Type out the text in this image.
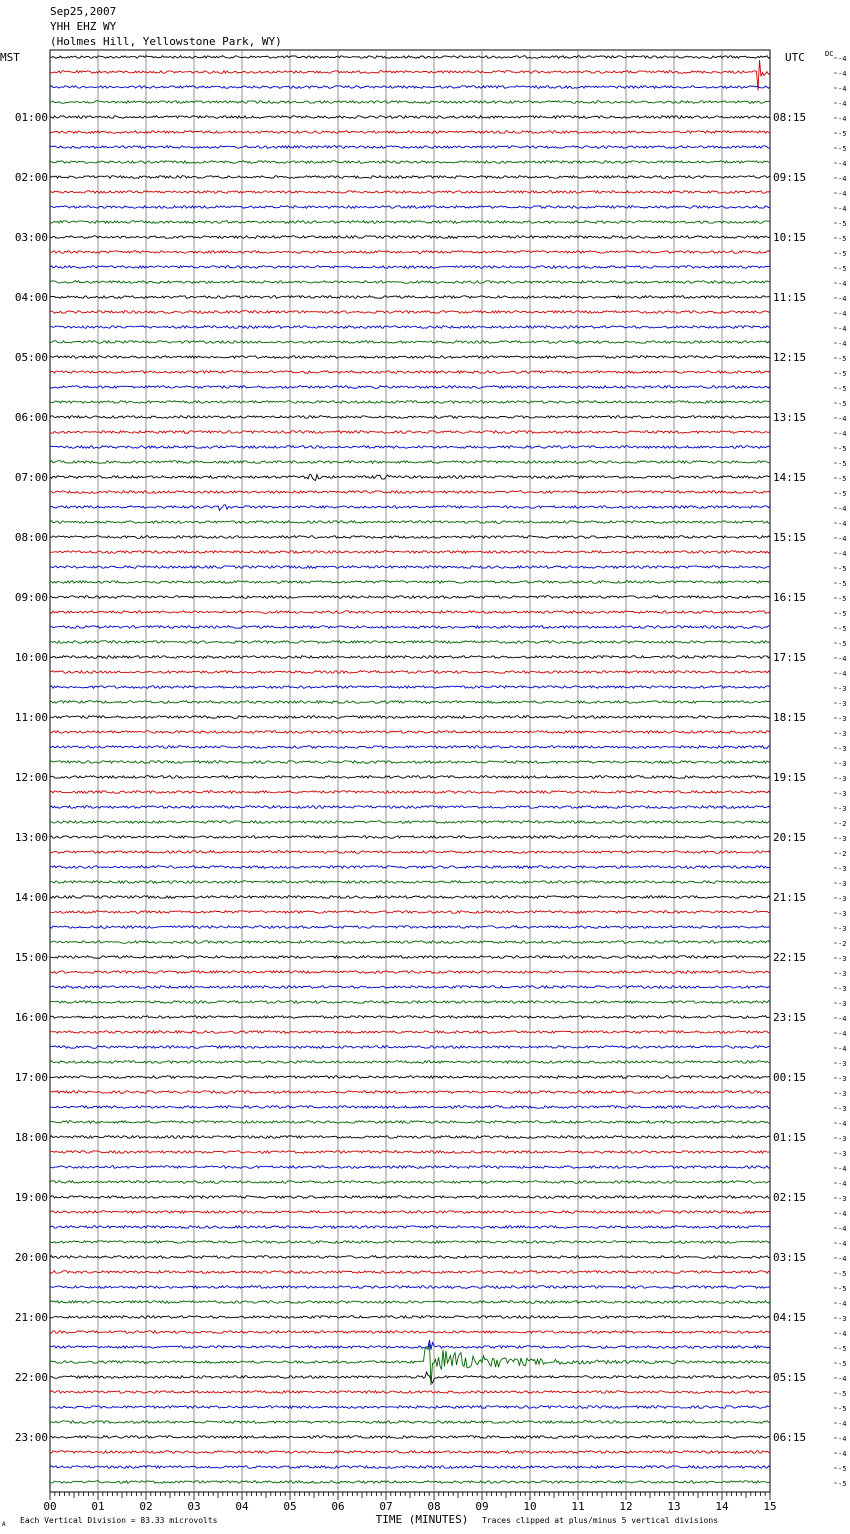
Sep25,2007
YHH EHZ WY
(Holmes Hill, Yellowstone Park, WY)
-4
-4
-4
-4
-4
-5
-5
-4
-4
-4
-4
-5
-5
-5
-5
-4
-4
-4
-4
-4
-5
-5
-5
-5
-4
-4
-5
-5
-5
-5
-4
-4
-4
-4
-5
-5
-5
-5
-5
-5
-4
-4
-3
-3
-3
-3
-3
-3
-3
-3
-3
-2
-3
-2
-3
-3
-3
-3
-3
-2
-3
-3
-3
-3
-4
-4
-4
-3
-3
-3
-3
-4
-3
-3
-4
-4
-3
-4
-4
-4
-4
-5
-5
-4
-3
-4
-5
-5
-4
-5
-5
-4
-4
-4
-5
-5
01:00
02:00
03:00
04:00
05:00
06:00
07:00
08:00
09:00
10:00
11:00
12:00
13:00
14:00
15:00
16:00
17:00
18:00
19:00
20:00
21:00
22:00
23:00
08:15
09:15
10:15
11:15
12:15
13:15
14:15
15:15
16:15
17:15
18:15
19:15
20:15
21:15
22:15
23:15
00:15
01:15
02:15
03:15
04:15
05:15
06:15
MST	UTC	DC
00	01	02	03	04	05	06	07	08	09	10	11	12	13	14	15
TIME (MINUTES)
Each Vertical Division = 83.33 microvolts	Traces clipped at plus/minus 5 vertical divisions
A
